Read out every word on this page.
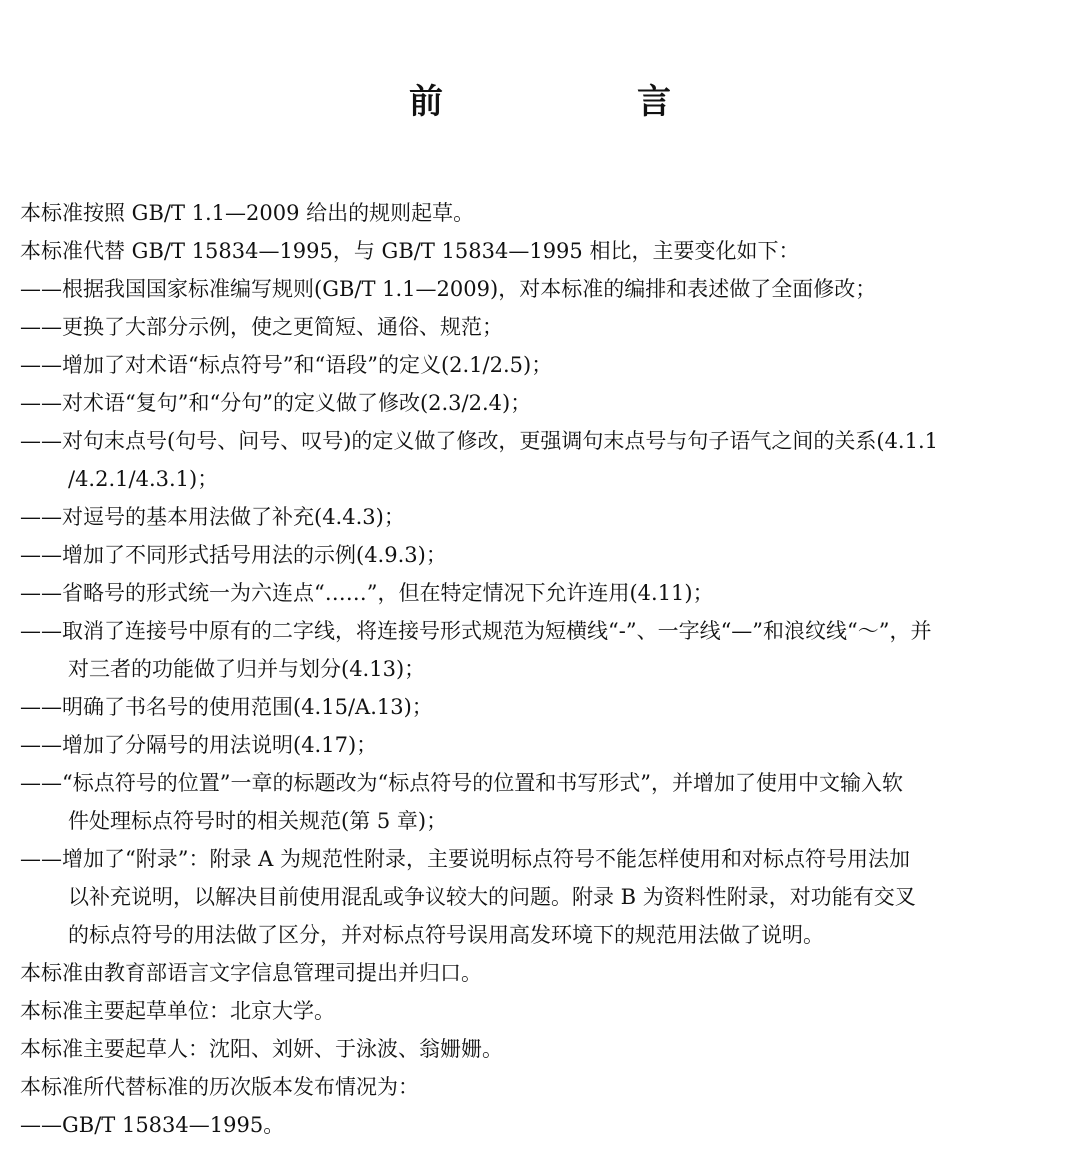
前　言
本标准按照 GB/T 1.1—2009 给出的规则起草。
本标准代替 GB/T 15834—1995，与 GB/T 15834—1995 相比，主要变化如下：
——根据我国国家标准编写规则(GB/T 1.1—2009)，对本标准的编排和表述做了全面修改；
——更换了大部分示例，使之更简短、通俗、规范；
——增加了对术语“标点符号”和“语段”的定义(2.1/2.5)；
——对术语“复句”和“分句”的定义做了修改(2.3/2.4)；
——对句末点号(句号、问号、叹号)的定义做了修改，更强调句末点号与句子语气之间的关系(4.1.1
/4.2.1/4.3.1)；
——对逗号的基本用法做了补充(4.4.3)；
——增加了不同形式括号用法的示例(4.9.3)；
——省略号的形式统一为六连点“……”，但在特定情况下允许连用(4.11)；
——取消了连接号中原有的二字线，将连接号形式规范为短横线“-”、一字线“—”和浪纹线“～”，并
对三者的功能做了归并与划分(4.13)；
——明确了书名号的使用范围(4.15/A.13)；
——增加了分隔号的用法说明(4.17)；
——“标点符号的位置”一章的标题改为“标点符号的位置和书写形式”，并增加了使用中文输入软
件处理标点符号时的相关规范(第 5 章)；
——增加了“附录”：附录 A 为规范性附录，主要说明标点符号不能怎样使用和对标点符号用法加
以补充说明，以解决目前使用混乱或争议较大的问题。附录 B 为资料性附录，对功能有交叉
的标点符号的用法做了区分，并对标点符号误用高发环境下的规范用法做了说明。
本标准由教育部语言文字信息管理司提出并归口。
本标准主要起草单位：北京大学。
本标准主要起草人：沈阳、刘妍、于泳波、翁姗姗。
本标准所代替标准的历次版本发布情况为：
——GB/T 15834—1995。
